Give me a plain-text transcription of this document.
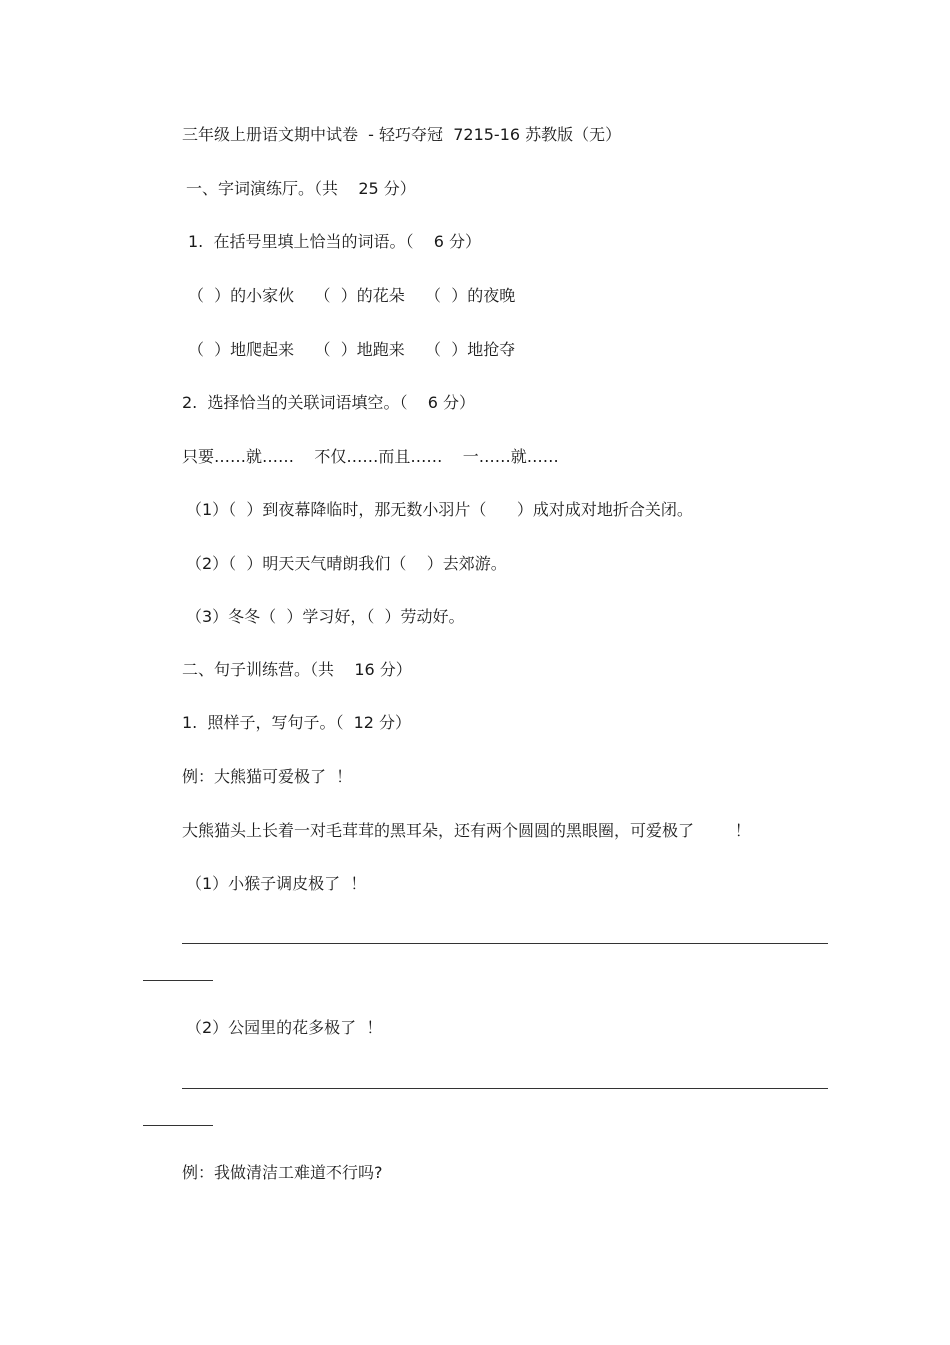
三年级上册语文期中试卷  - 轻巧夺冠  7215-16 苏教版（无）
一、字词演练厅。（共    25 分）
1.  在括号里填上恰当的词语。（    6 分）
（  ）的小家伙    （  ）的花朵    （  ）的夜晚
（  ）地爬起来    （  ）地跑来    （  ）地抢夺
2.  选择恰当的关联词语填空。（    6 分）
只要……就……    不仅……而且……    一……就……
（1）（  ）到夜幕降临时，那无数小羽片（      ）成对成对地折合关闭。
（2）（  ）明天天气晴朗我们（    ）去郊游。
（3）冬冬（  ）学习好，（  ）劳动好。
二、句子训练营。（共    16 分）
1.  照样子，写句子。（  12 分）
例：大熊猫可爱极了  ！
大熊猫头上长着一对毛茸茸的黑耳朵，还有两个圆圆的黑眼圈，可爱极了        ！
（1）小猴子调皮极了  ！
（2）公园里的花多极了  ！
例：我做清洁工难道不行吗?
